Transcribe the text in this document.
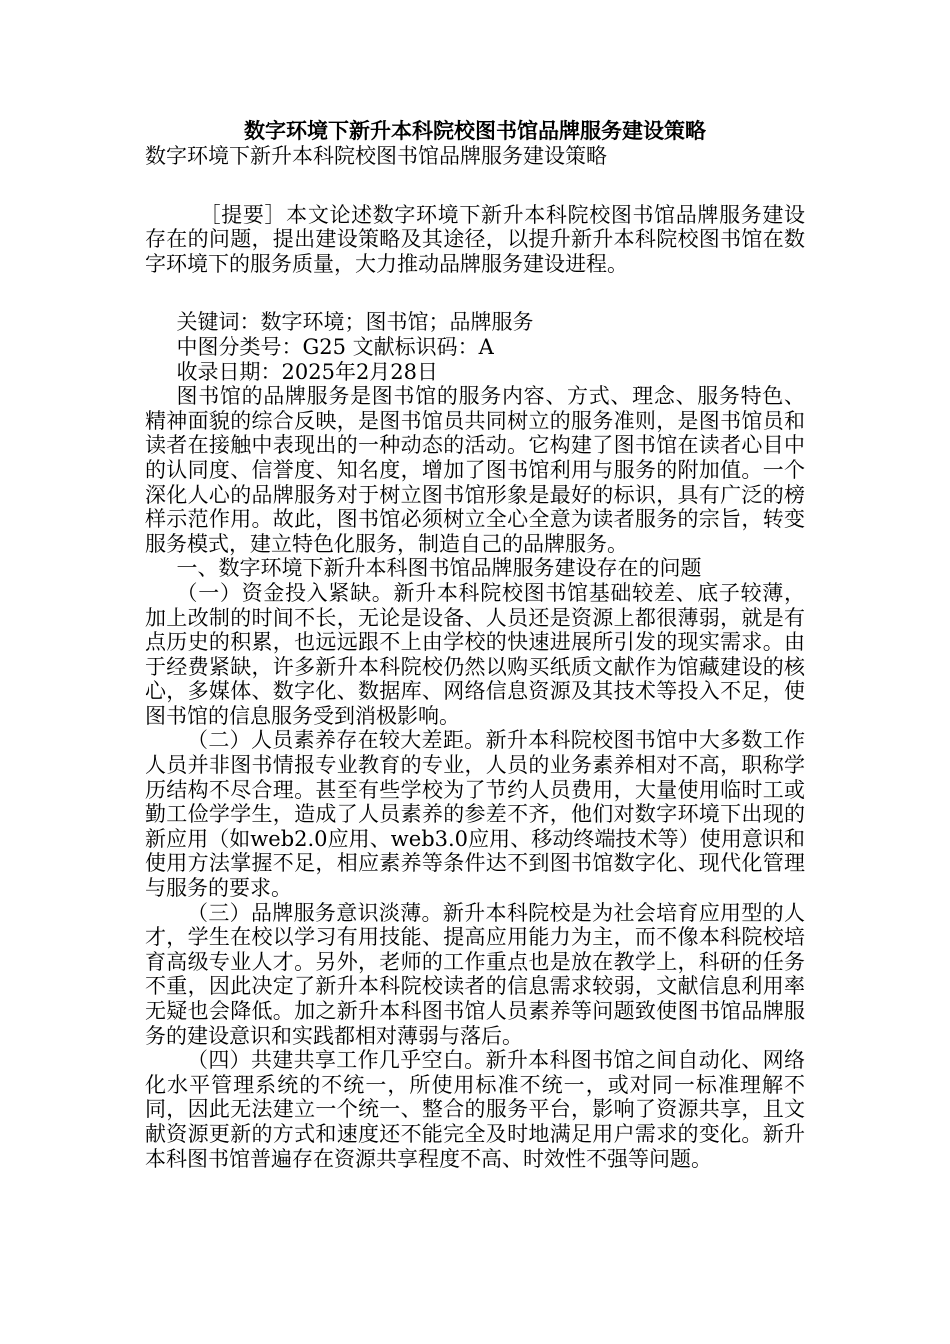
数字环境下新升本科院校图书馆品牌服务建设策略

数字环境下新升本科院校图书馆品牌服务建设策略

［提要］本文论述数字环境下新升本科院校图书馆品牌服务建设存在的问题，提出建设策略及其途径，以提升新升本科院校图书馆在数字环境下的服务质量，大力推动品牌服务建设进程。

关键词：数字环境；图书馆；品牌服务

中图分类号：G25 文献标识码：A

收录日期：2025年2月28日

图书馆的品牌服务是图书馆的服务内容、方式、理念、服务特色、精神面貌的综合反映，是图书馆员共同树立的服务准则，是图书馆员和读者在接触中表现出的一种动态的活动。它构建了图书馆在读者心目中的认同度、信誉度、知名度，增加了图书馆利用与服务的附加值。一个深化人心的品牌服务对于树立图书馆形象是最好的标识，具有广泛的榜样示范作用。故此，图书馆必须树立全心全意为读者服务的宗旨，转变服务模式，建立特色化服务，制造自己的品牌服务。

一、数字环境下新升本科图书馆品牌服务建设存在的问题

（一）资金投入紧缺。新升本科院校图书馆基础较差、底子较薄，加上改制的时间不长，无论是设备、人员还是资源上都很薄弱，就是有点历史的积累，也远远跟不上由学校的快速进展所引发的现实需求。由于经费紧缺，许多新升本科院校仍然以购买纸质文献作为馆藏建设的核心，多媒体、数字化、数据库、网络信息资源及其技术等投入不足，使图书馆的信息服务受到消极影响。

（二）人员素养存在较大差距。新升本科院校图书馆中大多数工作人员并非图书情报专业教育的专业，人员的业务素养相对不高，职称学历结构不尽合理。甚至有些学校为了节约人员费用，大量使用临时工或勤工俭学学生，造成了人员素养的参差不齐，他们对数字环境下出现的新应用（如web2.0应用、web3.0应用、移动终端技术等）使用意识和使用方法掌握不足，相应素养等条件达不到图书馆数字化、现代化管理与服务的要求。

（三）品牌服务意识淡薄。新升本科院校是为社会培育应用型的人才，学生在校以学习有用技能、提高应用能力为主，而不像本科院校培育高级专业人才。另外，老师的工作重点也是放在教学上，科研的任务不重，因此决定了新升本科院校读者的信息需求较弱，文献信息利用率无疑也会降低。加之新升本科图书馆人员素养等问题致使图书馆品牌服务的建设意识和实践都相对薄弱与落后。

（四）共建共享工作几乎空白。新升本科图书馆之间自动化、网络化水平管理系统的不统一，所使用标准不统一，或对同一标准理解不同，因此无法建立一个统一、整合的服务平台，影响了资源共享，且文献资源更新的方式和速度还不能完全及时地满足用户需求的变化。新升本科图书馆普遍存在资源共享程度不高、时效性不强等问题。
